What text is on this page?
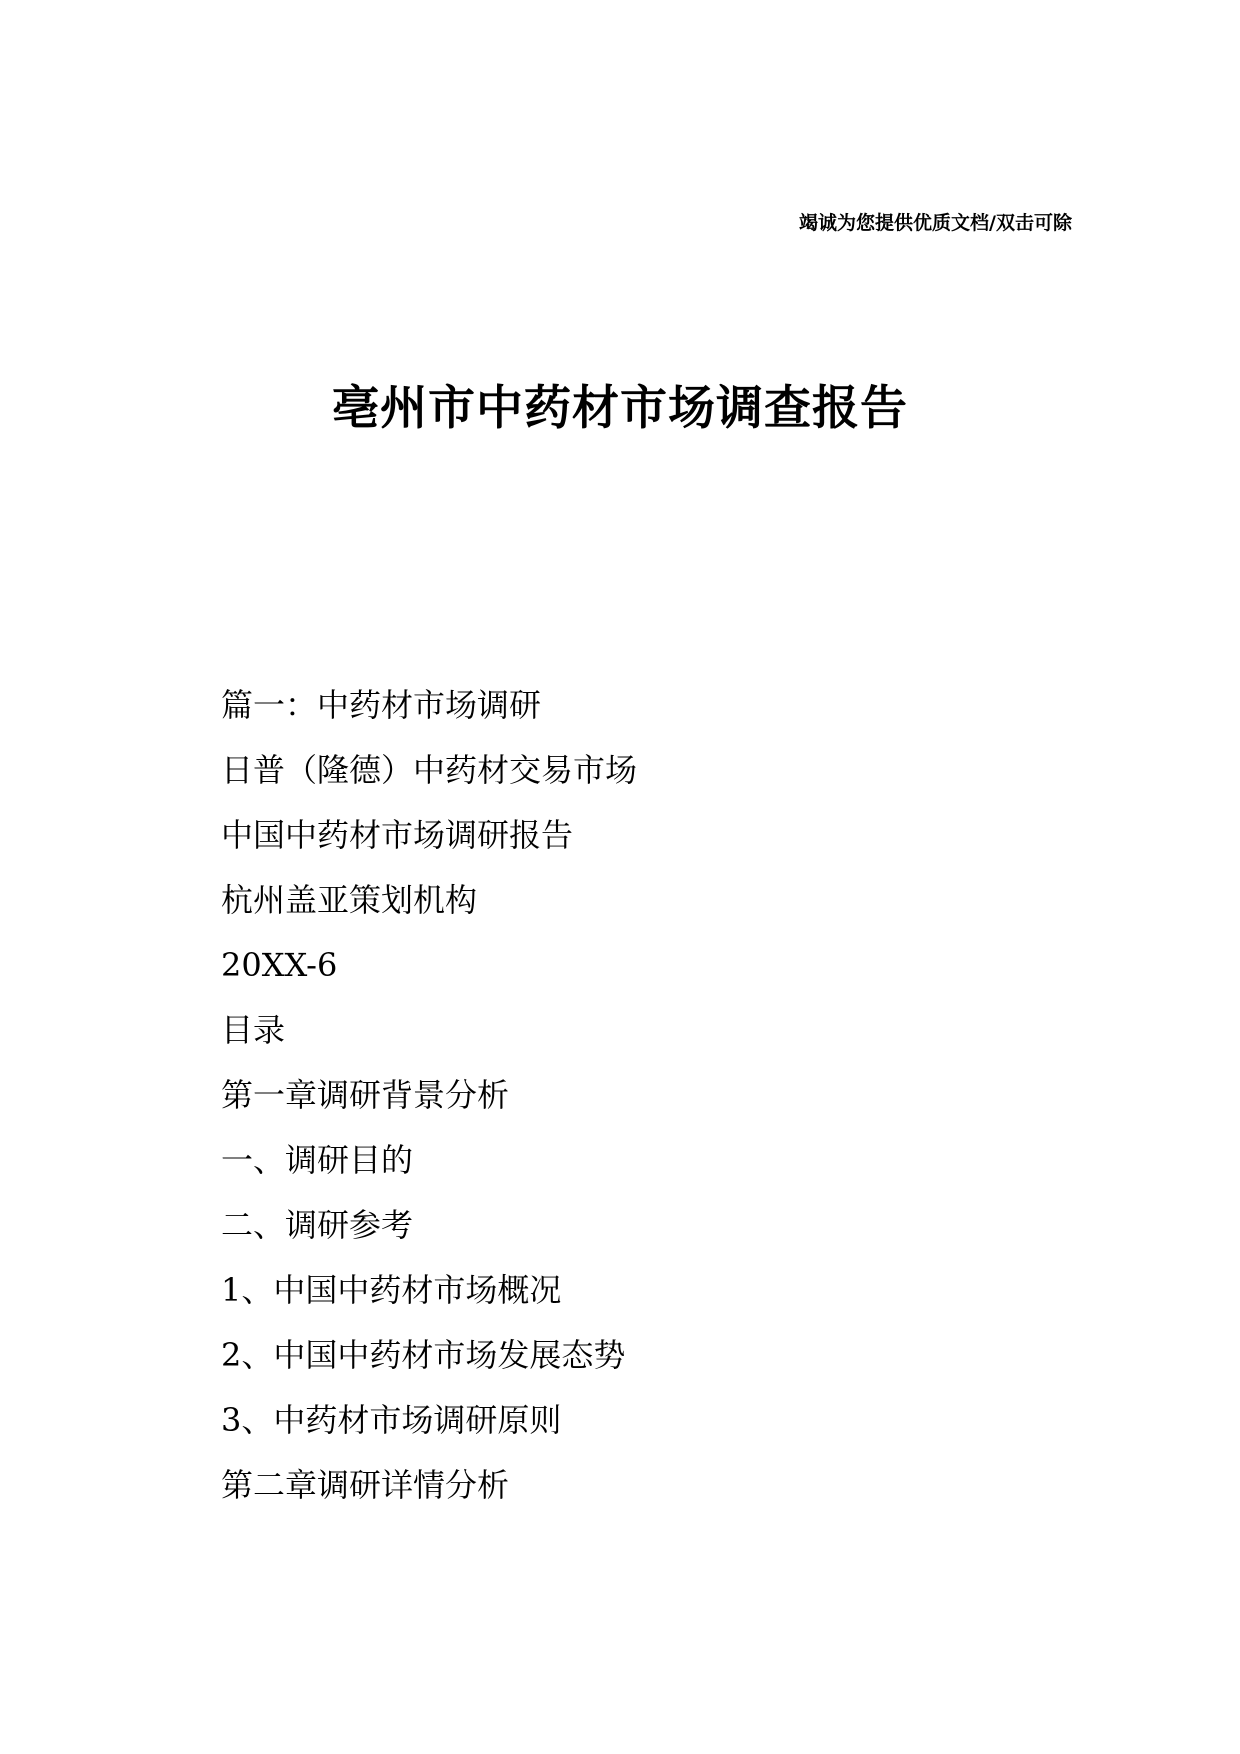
竭诚为您提供优质文档/双击可除
亳州市中药材市场调查报告
篇一：中药材市场调研
日普（隆德）中药材交易市场
中国中药材市场调研报告
杭州盖亚策划机构
20XX-6
目录
第一章调研背景分析
一、调研目的
二、调研参考
1、中国中药材市场概况
2、中国中药材市场发展态势
3、中药材市场调研原则
第二章调研详情分析
